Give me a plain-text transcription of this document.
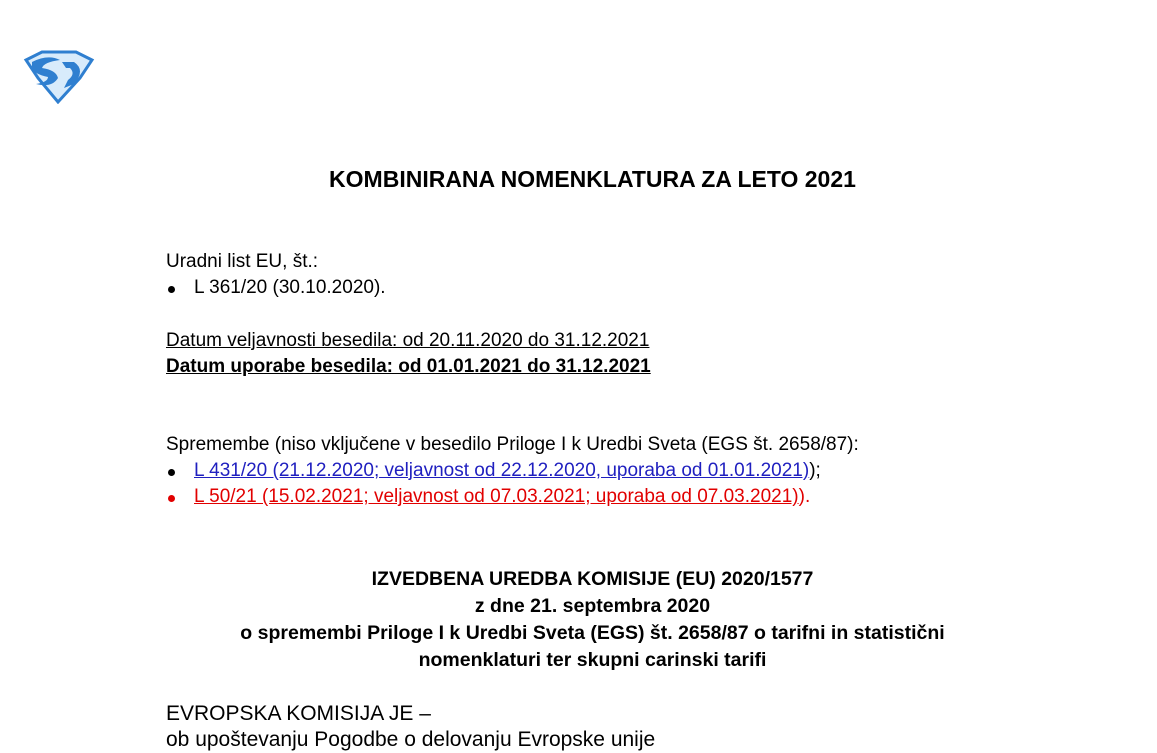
KOMBINIRANA NOMENKLATURA ZA LETO 2021
Uradni list EU, št.:
L 361/20 (30.10.2020).
Datum veljavnosti besedila: od 20.11.2020 do 31.12.2021
Datum uporabe besedila: od 01.01.2021 do 31.12.2021
Spremembe (niso vključene v besedilo Priloge I k Uredbi Sveta (EGS št. 2658/87):
L 431/20 (21.12.2020; veljavnost od 22.12.2020, uporaba od 01.01.2021));
L 50/21 (15.02.2021; veljavnost od 07.03.2021; uporaba od 07.03.2021)).
IZVEDBENA UREDBA KOMISIJE (EU) 2020/1577
z dne 21. septembra 2020
o spremembi Priloge I k Uredbi Sveta (EGS) št. 2658/87 o tarifni in statistični
nomenklaturi ter skupni carinski tarifi
EVROPSKA KOMISIJA JE –
ob upoštevanju Pogodbe o delovanju Evropske unije
